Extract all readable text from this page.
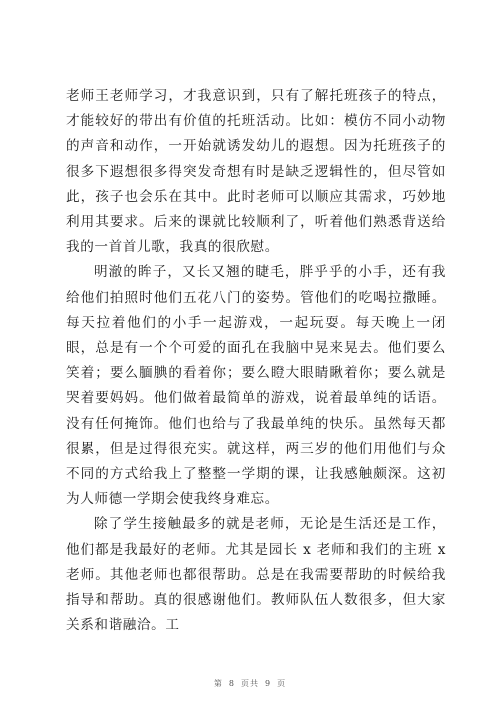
老师王老师学习，才我意识到，只有了解托班孩子的特点，才能较好的带出有价值的托班活动。比如：模仿不同小动物的声音和动作，一开始就诱发幼儿的遐想。因为托班孩子的很多下遐想很多得突发奇想有时是缺乏逻辑性的，但尽管如此，孩子也会乐在其中。此时老师可以顺应其需求，巧妙地利用其要求。后来的课就比较顺利了，听着他们熟悉背送给我的一首首儿歌，我真的很欣慰。

明澈的眸子，又长又翘的睫毛，胖乎乎的小手，还有我给他们拍照时他们五花八门的姿势。管他们的吃喝拉撒睡。每天拉着他们的小手一起游戏，一起玩耍。每天晚上一闭眼，总是有一个个可爱的面孔在我脑中晃来晃去。他们要么笑着；要么腼腆的看着你；要么瞪大眼睛瞅着你；要么就是哭着要妈妈。他们做着最简单的游戏，说着最单纯的话语。没有任何掩饰。他们也给与了我最单纯的快乐。虽然每天都很累，但是过得很充实。就这样，两三岁的他们用他们与众不同的方式给我上了整整一学期的课，让我感触颇深。这初为人师德一学期会使我终身难忘。

除了学生接触最多的就是老师，无论是生活还是工作，他们都是我最好的老师。尤其是园长 x 老师和我们的主班 x 老师。其他老师也都很帮助。总是在我需要帮助的时候给我指导和帮助。真的很感谢他们。教师队伍人数很多，但大家关系和谐融洽。工

第 8 页共 9 页
